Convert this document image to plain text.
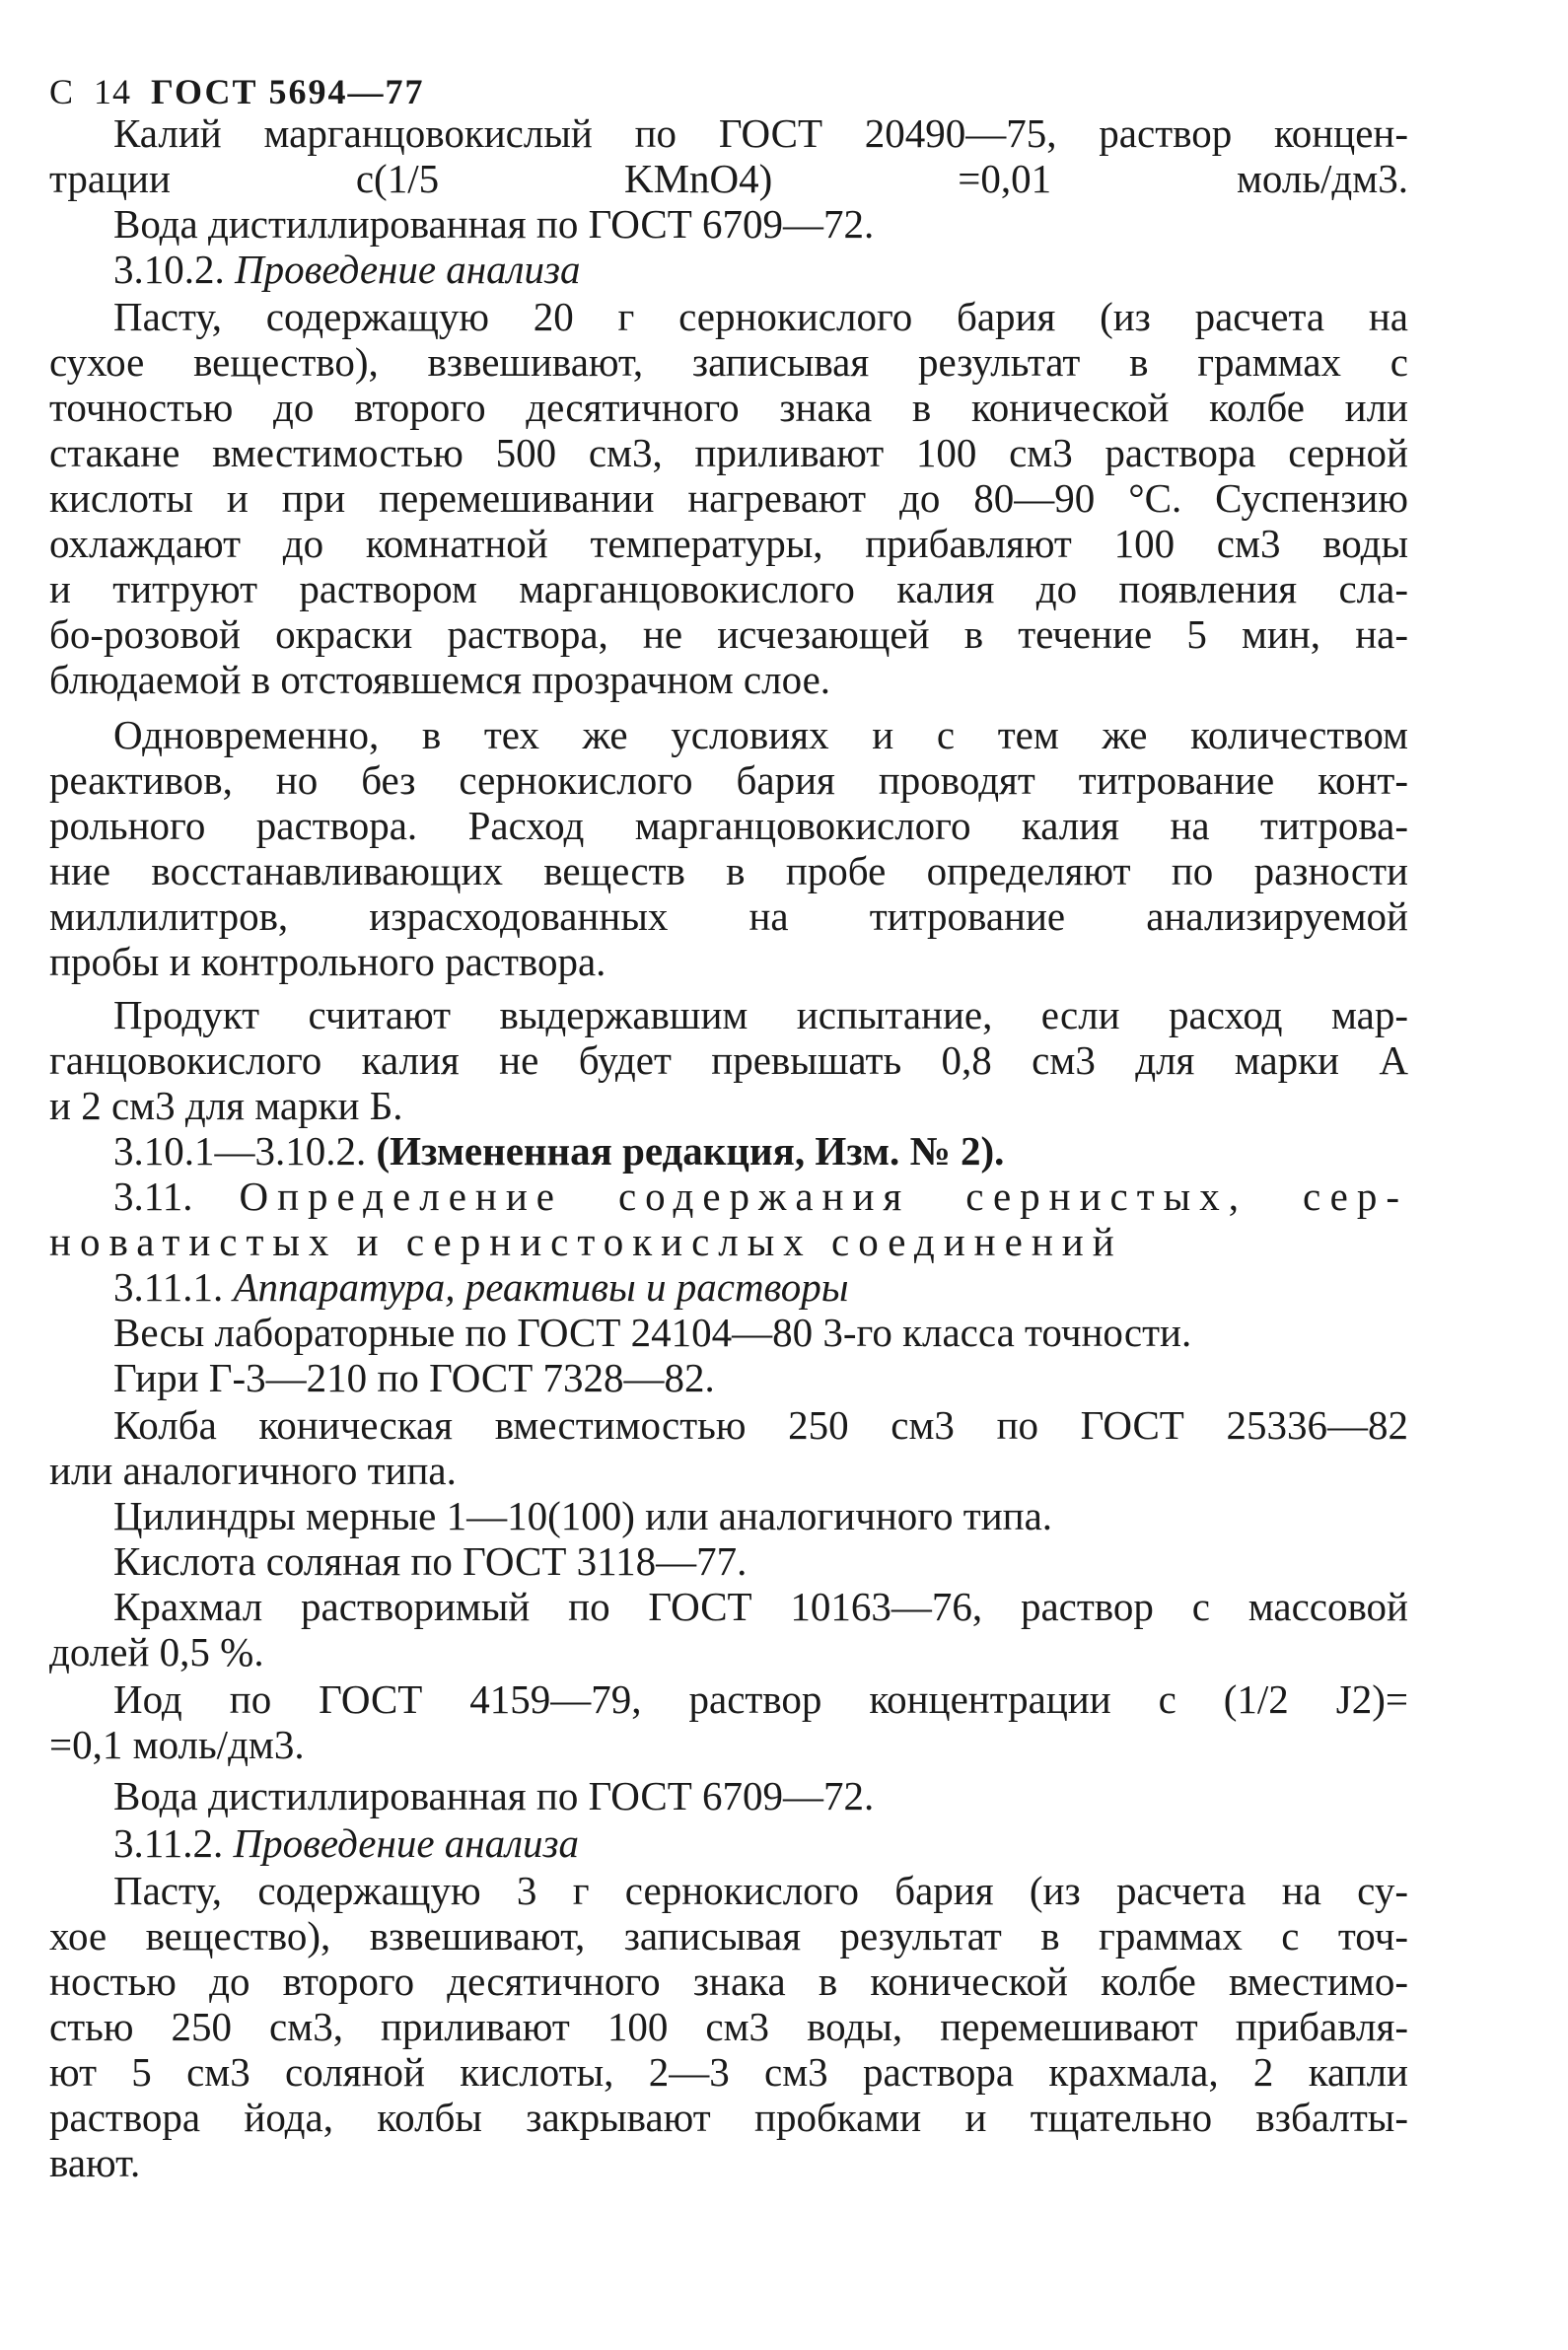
С 14 ГОСТ 5694—77
Калий марганцовокислый по ГОСТ 20490—75, раствор концен-
трации c(1/5 KMnO4) =0,01 моль/дм3.
Вода дистиллированная по ГОСТ 6709—72.
3.10.2. Проведение анализа
Пасту, содержащую 20 г сернокислого бария (из расчета на
сухое вещество), взвешивают, записывая результат в граммах с
точностью до второго десятичного знака в конической колбе или
стакане вместимостью 500 см3, приливают 100 см3 раствора серной
кислоты и при перемешивании нагревают до 80—90 °С. Суспензию
охлаждают до комнатной температуры, прибавляют 100 см3 воды
и титруют раствором марганцовокислого калия до появления сла-
бо-розовой окраски раствора, не исчезающей в течение 5 мин, на-
блюдаемой в отстоявшемся прозрачном слое.
Одновременно, в тех же условиях и с тем же количеством
реактивов, но без сернокислого бария проводят титрование конт-
рольного раствора. Расход марганцовокислого калия на титрова-
ние восстанавливающих веществ в пробе определяют по разности
миллилитров, израсходованных на титрование анализируемой
пробы и контрольного раствора.
Продукт считают выдержавшим испытание, если расход мар-
ганцовокислого калия не будет превышать 0,8 см3 для марки А
и 2 см3 для марки Б.
3.10.1—3.10.2. (Измененная редакция, Изм. № 2).
3.11. Определение содержания сернистых, сер-
новатистых и сернистокислых соединений
3.11.1. Аппаратура, реактивы и растворы
Весы лабораторные по ГОСТ 24104—80 3-го класса точности.
Гири Г-3—210 по ГОСТ 7328—82.
Колба коническая вместимостью 250 см3 по ГОСТ 25336—82
или аналогичного типа.
Цилиндры мерные 1—10(100) или аналогичного типа.
Кислота соляная по ГОСТ 3118—77.
Крахмал растворимый по ГОСТ 10163—76, раствор с массовой
долей 0,5 %.
Иод по ГОСТ 4159—79, раствор концентрации с (1/2 J2)=
=0,1 моль/дм3.
Вода дистиллированная по ГОСТ 6709—72.
3.11.2. Проведение анализа
Пасту, содержащую 3 г сернокислого бария (из расчета на су-
хое вещество), взвешивают, записывая результат в граммах с точ-
ностью до второго десятичного знака в конической колбе вместимо-
стью 250 см3, приливают 100 см3 воды, перемешивают прибавля-
ют 5 см3 соляной кислоты, 2—3 см3 раствора крахмала, 2 капли
раствора йода, колбы закрывают пробками и тщательно взбалты-
вают.
